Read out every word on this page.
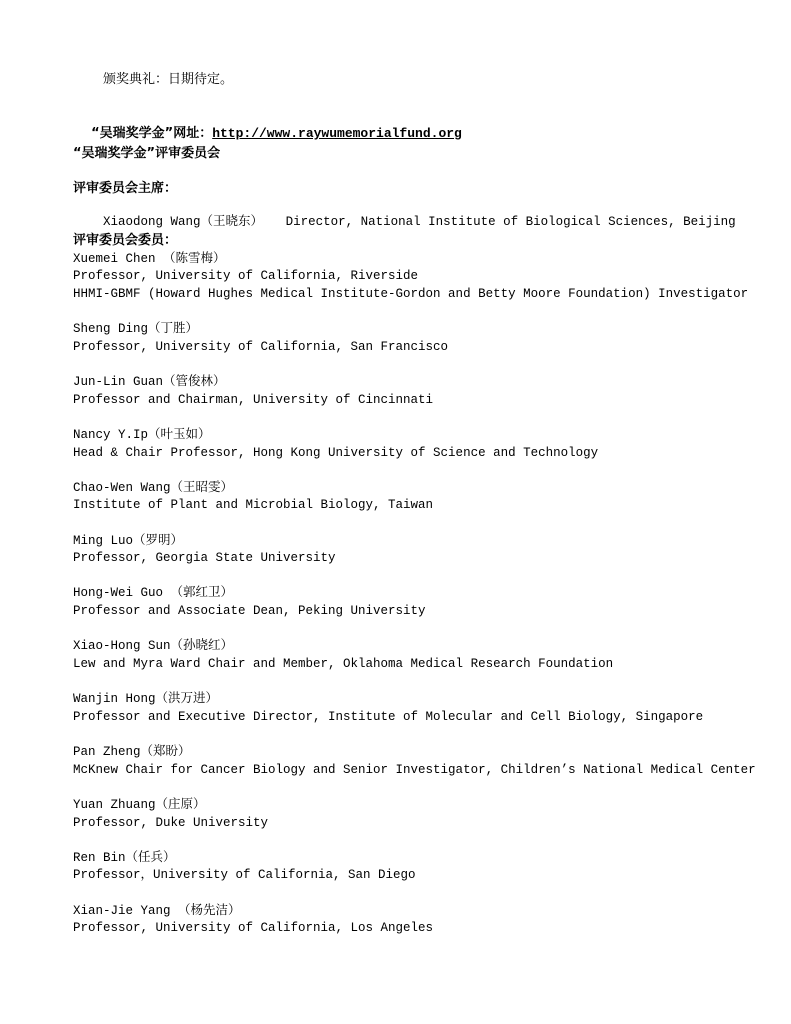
颁奖典礼：日期待定。

“吴瑞奖学金”网址：http://www.raywumemorialfund.org

“吴瑞奖学金”评审委员会
评审委员会主席：

Xiaodong Wang（王晓东） Director, National Institute of Biological Sciences, Beijing

评审委员会委员：
Xuemei Chen （陈雪梅）
Professor, University of California, Riverside
HHMI-GBMF (Howard Hughes Medical Institute-Gordon and Betty Moore Foundation) Investigator
Sheng Ding（丁胜）
Professor, University of California, San Francisco
Jun-Lin Guan（管俊林）
Professor and Chairman, University of Cincinnati
Nancy Y.Ip（叶玉如）
Head & Chair Professor, Hong Kong University of Science and Technology
Chao-Wen Wang（王昭雯）
Institute of Plant and Microbial Biology, Taiwan
Ming Luo（罗明）
Professor, Georgia State University
Hong-Wei Guo （郭红卫）
Professor and Associate Dean, Peking University
Xiao-Hong Sun（孙晓红）
Lew and Myra Ward Chair and Member, Oklahoma Medical Research Foundation
Wanjin Hong（洪万进）
Professor and Executive Director, Institute of Molecular and Cell Biology, Singapore
Pan Zheng（郑盼）
McKnew Chair for Cancer Biology and Senior Investigator, Children’s National Medical Center
Yuan Zhuang（庄原）
Professor, Duke University
Ren Bin（任兵）
Professor，University of California, San Diego
Xian-Jie Yang （杨先洁）
Professor, University of California, Los Angeles
